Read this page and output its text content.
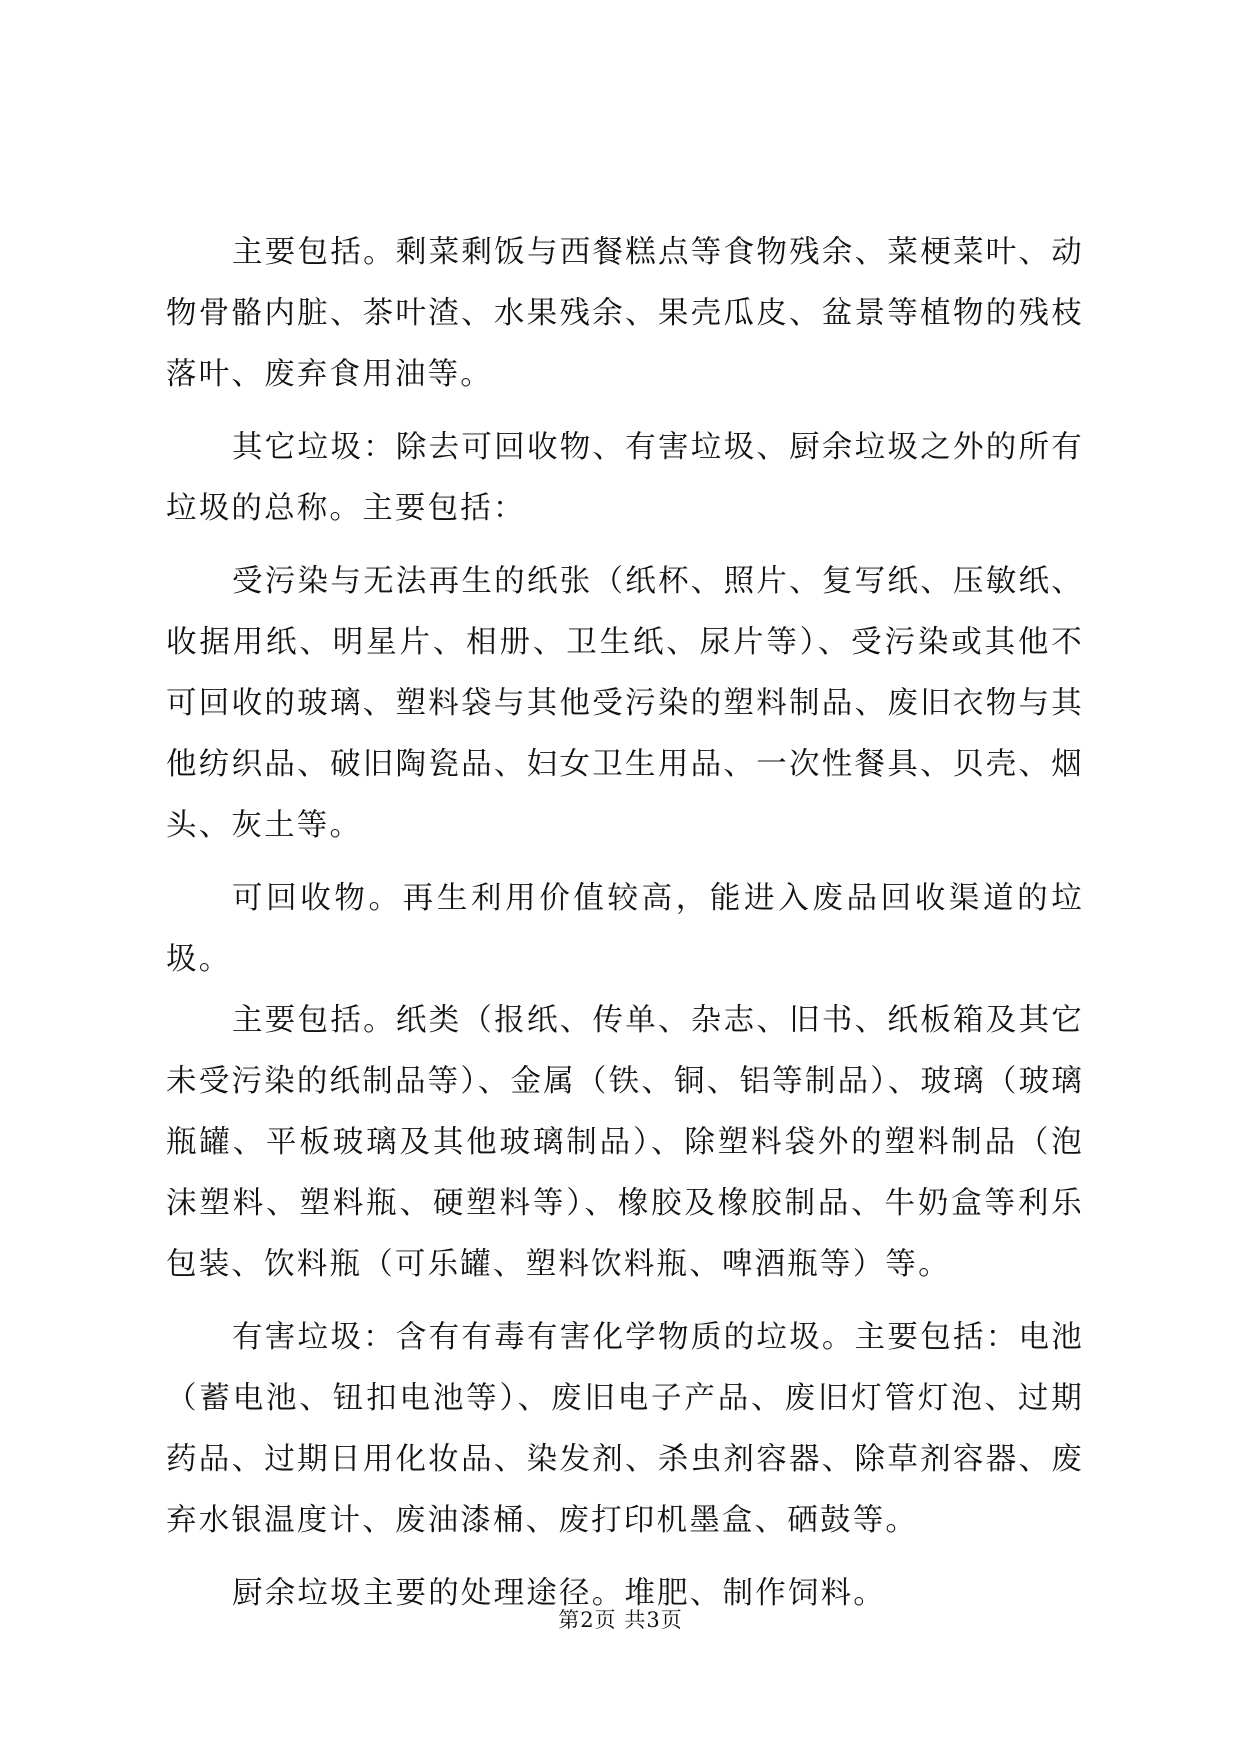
主要包括。剩菜剩饭与西餐糕点等食物残余、菜梗菜叶、动物骨骼内脏、茶叶渣、水果残余、果壳瓜皮、盆景等植物的残枝落叶、废弃食用油等。

其它垃圾：除去可回收物、有害垃圾、厨余垃圾之外的所有垃圾的总称。主要包括：

受污染与无法再生的纸张（纸杯、照片、复写纸、压敏纸、收据用纸、明星片、相册、卫生纸、尿片等）、受污染或其他不可回收的玻璃、塑料袋与其他受污染的塑料制品、废旧衣物与其他纺织品、破旧陶瓷品、妇女卫生用品、一次性餐具、贝壳、烟头、灰土等。

可回收物。再生利用价值较高，能进入废品回收渠道的垃圾。

主要包括。纸类（报纸、传单、杂志、旧书、纸板箱及其它未受污染的纸制品等）、金属（铁、铜、铝等制品）、玻璃（玻璃瓶罐、平板玻璃及其他玻璃制品）、除塑料袋外的塑料制品（泡沫塑料、塑料瓶、硬塑料等）、橡胶及橡胶制品、牛奶盒等利乐包装、饮料瓶（可乐罐、塑料饮料瓶、啤酒瓶等）等。

有害垃圾：含有有毒有害化学物质的垃圾。主要包括：电池（蓄电池、钮扣电池等）、废旧电子产品、废旧灯管灯泡、过期药品、过期日用化妆品、染发剂、杀虫剂容器、除草剂容器、废弃水银温度计、废油漆桶、废打印机墨盒、硒鼓等。

厨余垃圾主要的处理途径。堆肥、制作饲料。

第2页 共3页
